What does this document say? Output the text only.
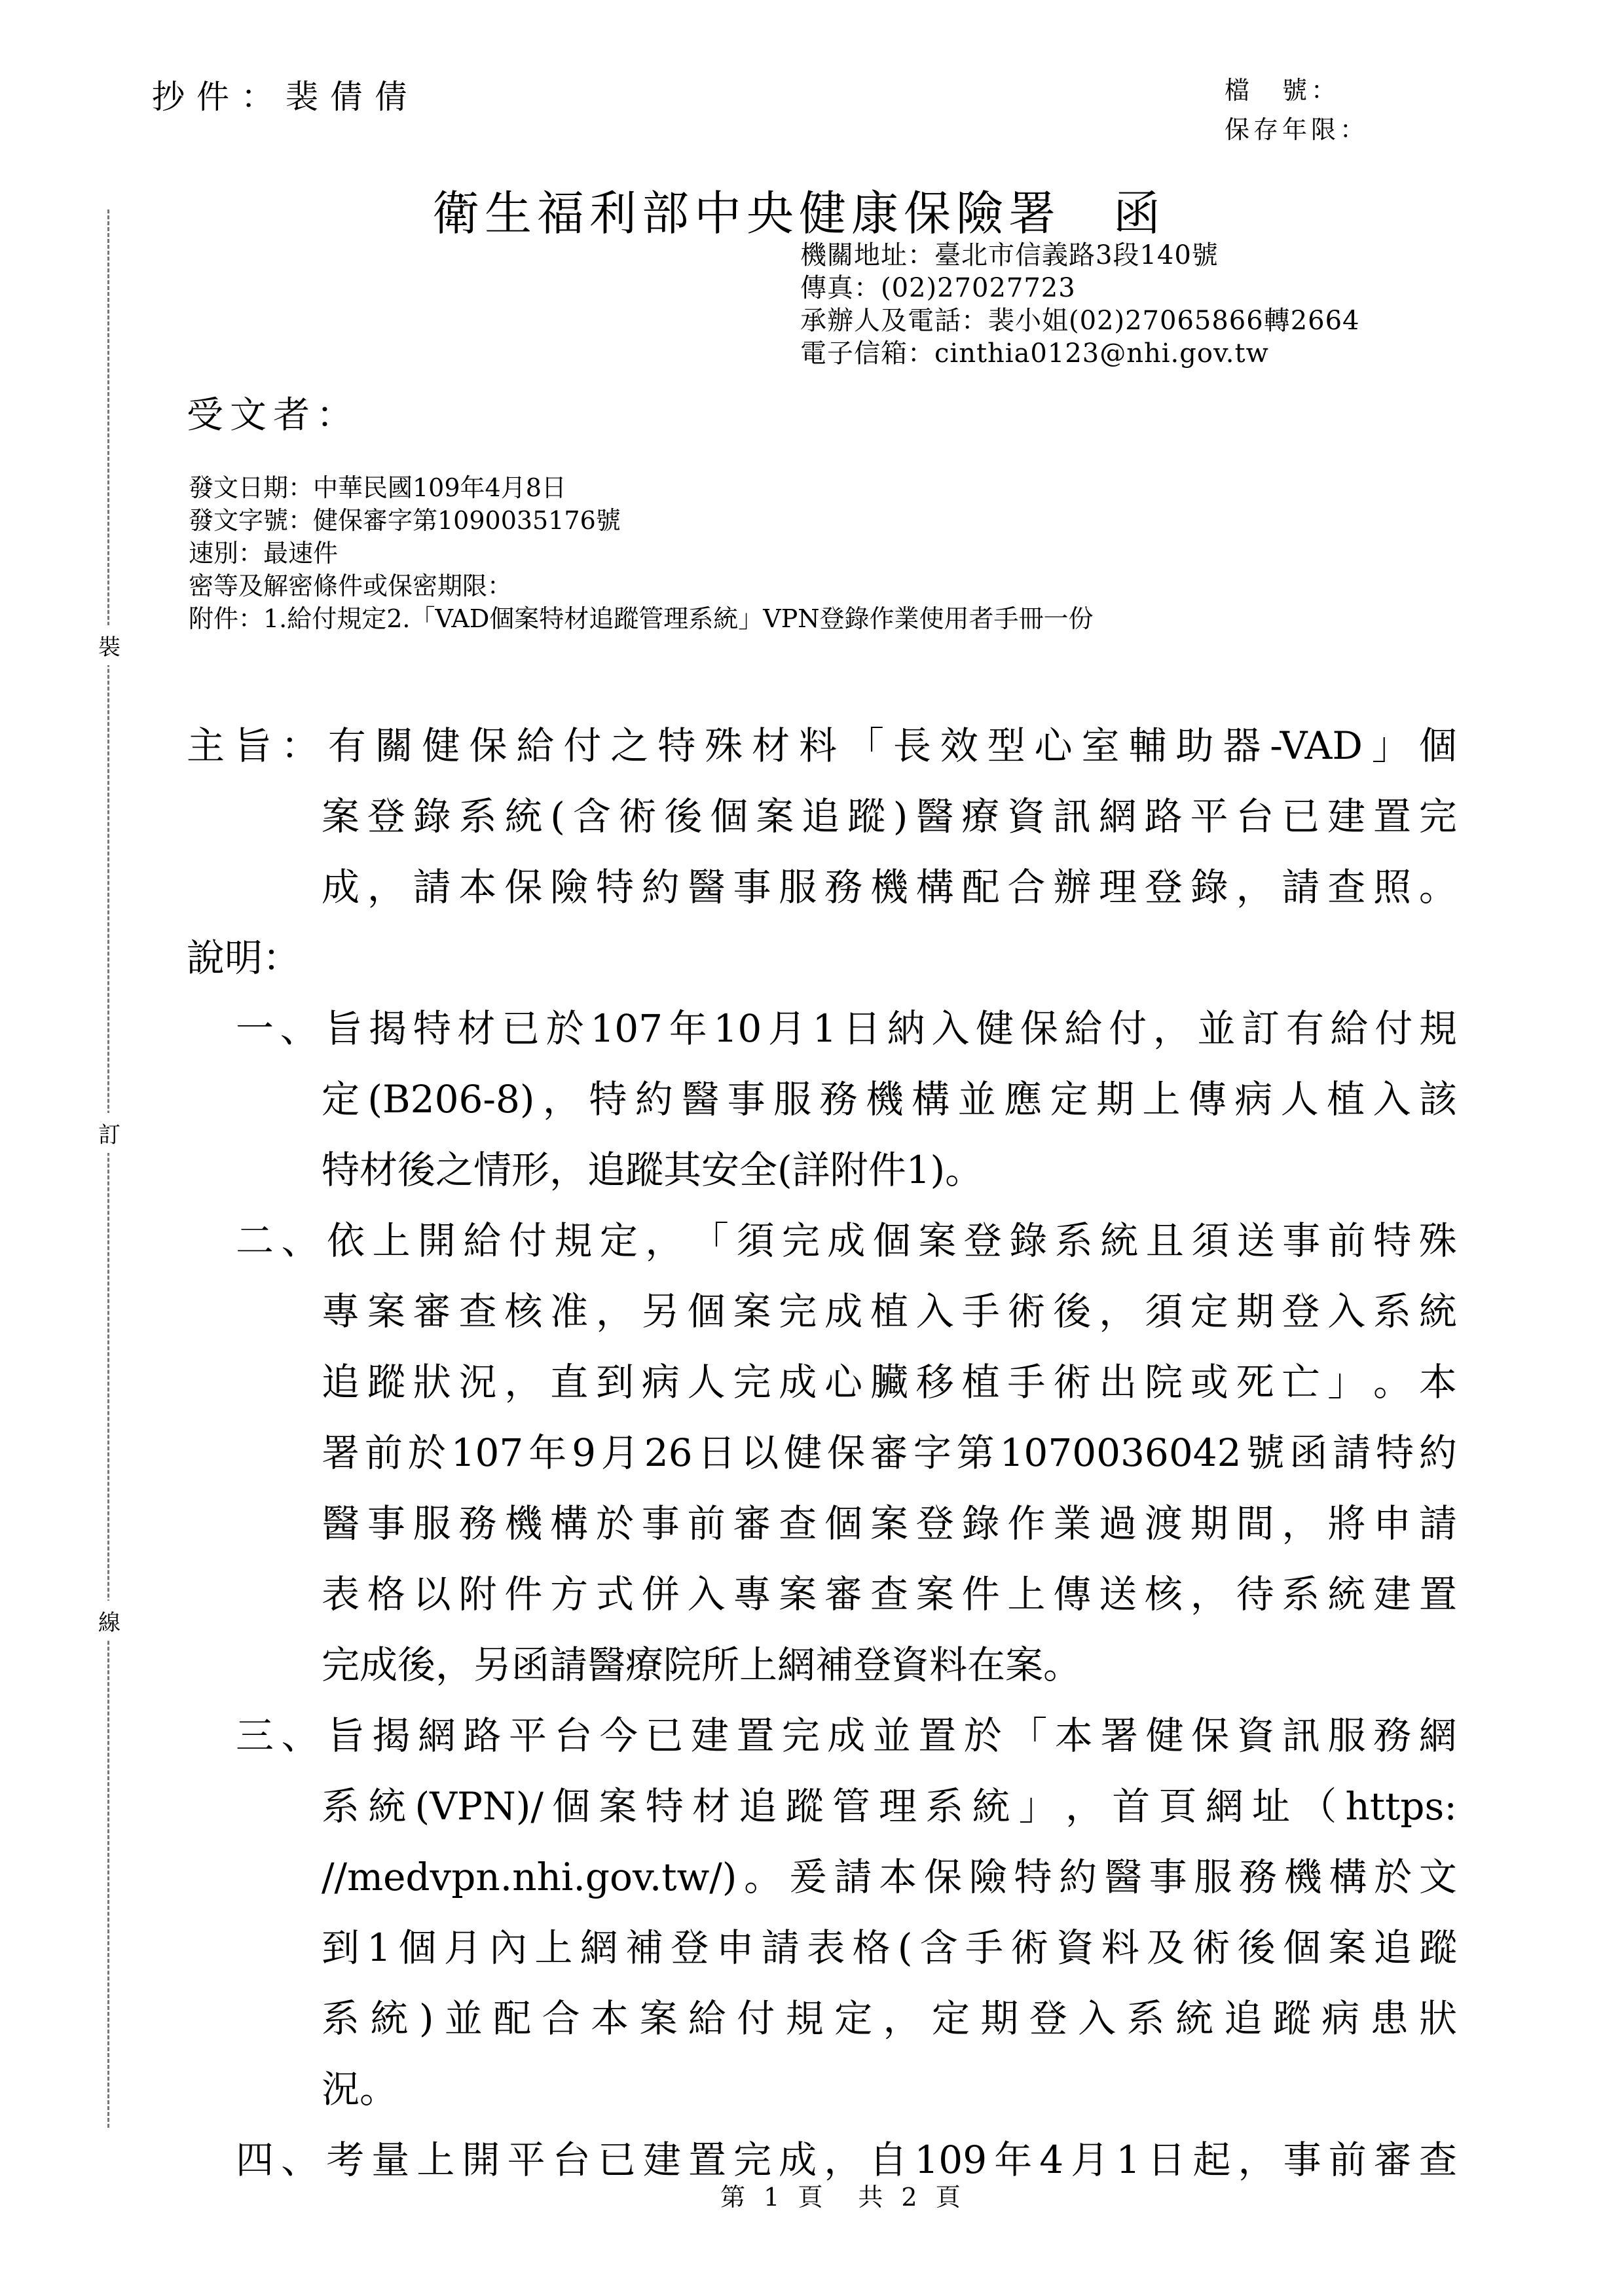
抄件：裴倩倩	檔　號：
保存年限：
衛生福利部中央健康保險署　函
機關地址：臺北市信義路3段140號
傳真：(02)27027723
承辦人及電話：裴小姐(02)27065866轉2664
電子信箱：cinthia0123@nhi.gov.tw
受文者：
發文日期：中華民國109年4月8日
發文字號：健保審字第1090035176號
速別：最速件
密等及解密條件或保密期限：
附件：1.給付規定2.「VAD個案特材追蹤管理系統」VPN登錄作業使用者手冊一份
裝
訂
線
主 旨 ： 有 關 健 保 給 付 之 特 殊 材 料 「 長 效 型 心 室 輔 助 器 -VAD 」 個
案 登 錄 系 統 ( 含 術 後 個 案 追 蹤 ) 醫 療 資 訊 網 路 平 台 已 建 置 完
成 ， 請 本 保 險 特 約 醫 事 服 務 機 構 配 合 辦 理 登 錄 ， 請 查 照 。
說明：
一 、 旨 揭 特 材 已 於 107 年 10 月 1 日 納 入 健 保 給 付 ， 並 訂 有 給 付 規
定 (B206-8) ， 特 約 醫 事 服 務 機 構 並 應 定 期 上 傳 病 人 植 入 該
特材後之情形，追蹤其安全(詳附件1)。
二 、 依 上 開 給 付 規 定 ， 「 須 完 成 個 案 登 錄 系 統 且 須 送 事 前 特 殊
專 案 審 查 核 准 ， 另 個 案 完 成 植 入 手 術 後 ， 須 定 期 登 入 系 統
追 蹤 狀 況 ， 直 到 病 人 完 成 心 臟 移 植 手 術 出 院 或 死 亡 」 。 本
署 前 於 107 年 9 月 26 日 以 健 保 審 字 第 1070036042 號 函 請 特 約
醫 事 服 務 機 構 於 事 前 審 查 個 案 登 錄 作 業 過 渡 期 間 ， 將 申 請
表 格 以 附 件 方 式 併 入 專 案 審 查 案 件 上 傳 送 核 ， 待 系 統 建 置
完成後，另函請醫療院所上網補登資料在案。
三 、 旨 揭 網 路 平 台 今 已 建 置 完 成 並 置 於 「 本 署 健 保 資 訊 服 務 網
系 統 (VPN)/ 個 案 特 材 追 蹤 管 理 系 統 」 ， 首 頁 網 址 （ https:
//medvpn.nhi.gov.tw/) 。 爰 請 本 保 險 特 約 醫 事 服 務 機 構 於 文
到 1 個 月 內 上 網 補 登 申 請 表 格 ( 含 手 術 資 料 及 術 後 個 案 追 蹤
系 統 ) 並 配 合 本 案 給 付 規 定 ， 定 期 登 入 系 統 追 蹤 病 患 狀
況。
四 、 考 量 上 開 平 台 已 建 置 完 成 ， 自 109 年 4 月 1 日 起 ， 事 前 審 查
第 1 頁　共 2 頁
